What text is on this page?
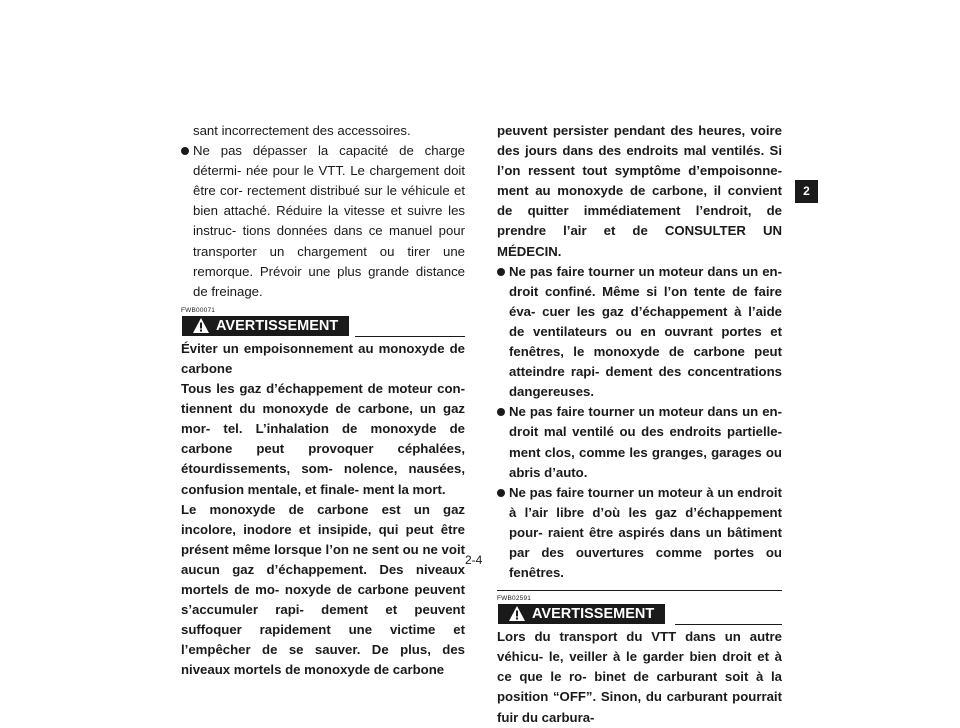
sant incorrectement des accessoires.

Ne pas dépasser la capacité de charge détermi- née pour le VTT. Le chargement doit être cor- rectement distribué sur le véhicule et bien attaché. Réduire la vitesse et suivre les instruc- tions données dans ce manuel pour transporter un chargement ou tirer une remorque. Prévoir une plus grande distance de freinage.

FWB00071
AVERTISSEMENT

Éviter un empoisonnement au monoxyde de carbone

Tous les gaz d’échappement de moteur con- tiennent du monoxyde de carbone, un gaz mor- tel. L’inhalation de monoxyde de carbone peut provoquer céphalées, étourdissements, som- nolence, nausées, confusion mentale, et finale- ment la mort.

Le monoxyde de carbone est un gaz incolore, inodore et insipide, qui peut être présent même lorsque l’on ne sent ou ne voit aucun gaz d’échappement. Des niveaux mortels de mo- noxyde de carbone peuvent s’accumuler rapi- dement et peuvent suffoquer rapidement une victime et l’empêcher de se sauver. De plus, des niveaux mortels de monoxyde de carbone

peuvent persister pendant des heures, voire des jours dans des endroits mal ventilés. Si l’on ressent tout symptôme d’empoisonne- ment au monoxyde de carbone, il convient de quitter immédiatement l’endroit, de prendre l’air et de CONSULTER UN MÉDECIN.

Ne pas faire tourner un moteur dans un en- droit confiné. Même si l’on tente de faire éva- cuer les gaz d’échappement à l’aide de ventilateurs ou en ouvrant portes et fenêtres, le monoxyde de carbone peut atteindre rapi- dement des concentrations dangereuses.

Ne pas faire tourner un moteur dans un en- droit mal ventilé ou des endroits partielle- ment clos, comme les granges, garages ou abris d’auto.

Ne pas faire tourner un moteur à un endroit à l’air libre d’où les gaz d’échappement pour- raient être aspirés dans un bâtiment par des ouvertures comme portes ou fenêtres.

FWB02591
AVERTISSEMENT

Lors du transport du VTT dans un autre véhicu- le, veiller à le garder bien droit et à ce que le ro- binet de carburant soit à la position “OFF”. Sinon, du carburant pourrait fuir du carbura-

2
2-4
